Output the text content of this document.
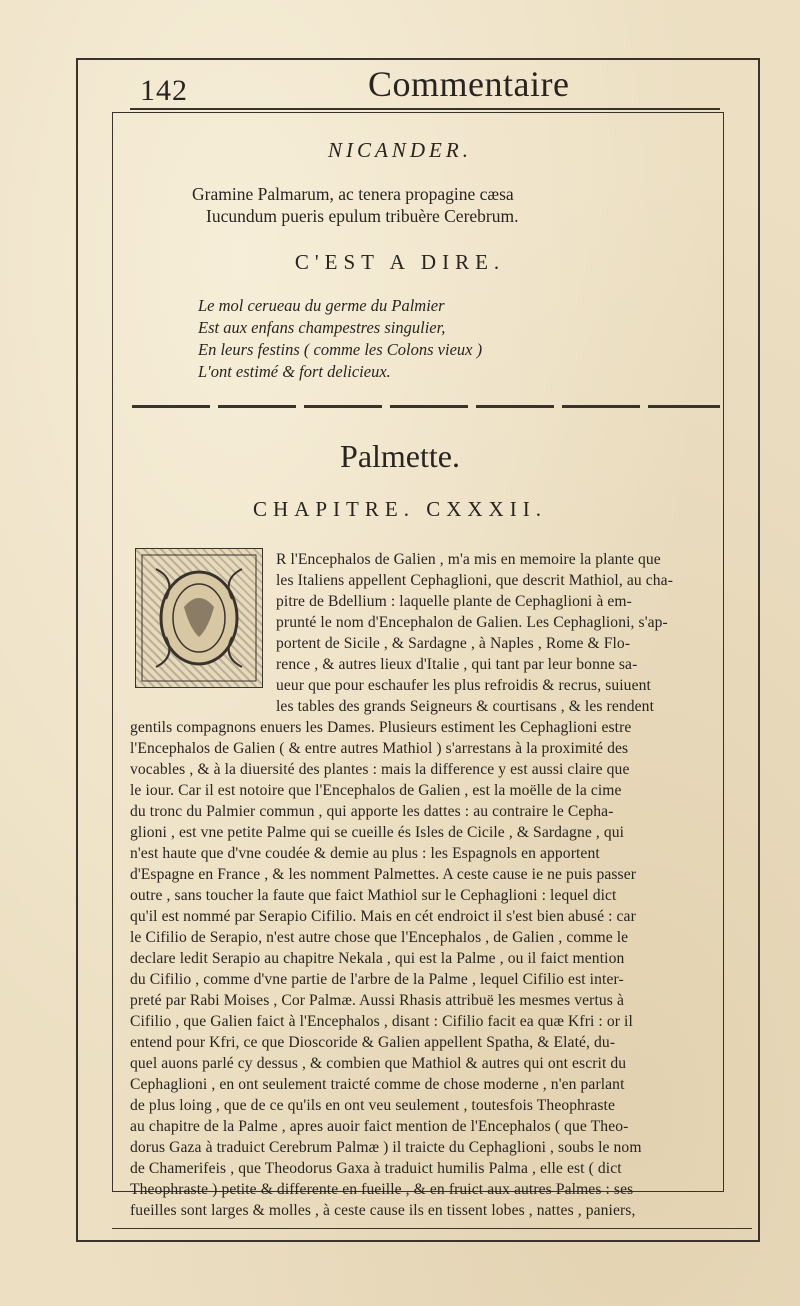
142	Commentaire
NICANDER.
Gramine Palmarum, ac tenera propagine cæsa
Iucundum pueris epulum tribuère Cerebrum.
C'EST A DIRE.
Le mol cerueau du germe du Palmier
Est aux enfans champestres singulier,
En leurs festins ( comme les Colons vieux )
L'ont estimé & fort delicieux.
Palmette.
CHAPITRE. CXXXII.
R l'Encephalos de Galien , m'a mis en memoire la plante que
les Italiens appellent Cephaglioni, que descrit Mathiol, au cha-
pitre de Bdellium : laquelle plante de Cephaglioni à em-
prunté le nom d'Encephalon de Galien. Les Cephaglioni, s'ap-
portent de Sicile , & Sardagne , à Naples , Rome & Flo-
rence , & autres lieux d'Italie , qui tant par leur bonne sa-
ueur que pour eschaufer les plus refroidis & recrus, suiuent
les tables des grands Seigneurs & courtisans , & les rendent
gentils compagnons enuers les Dames. Plusieurs estiment les Cephaglioni estre
l'Encephalos de Galien ( & entre autres Mathiol ) s'arrestans à la proximité des
vocables , & à la diuersité des plantes : mais la difference y est aussi claire que
le iour. Car il est notoire que l'Encephalos de Galien , est la moëlle de la cime
du tronc du Palmier commun , qui apporte les dattes : au contraire le Cepha-
glioni , est vne petite Palme qui se cueille és Isles de Cicile , & Sardagne , qui
n'est haute que d'vne coudée & demie au plus : les Espagnols en apportent
d'Espagne en France , & les nomment Palmettes. A ceste cause ie ne puis passer
outre , sans toucher la faute que faict Mathiol sur le Cephaglioni : lequel dict
qu'il est nommé par Serapio Cifilio. Mais en cét endroict il s'est bien abusé : car
le Cifilio de Serapio, n'est autre chose que l'Encephalos , de Galien , comme le
declare ledit Serapio au chapitre Nekala , qui est la Palme , ou il faict mention
du Cifilio , comme d'vne partie de l'arbre de la Palme , lequel Cifilio est inter-
preté par Rabi Moises , Cor Palmæ. Aussi Rhasis attribuë les mesmes vertus à
Cifilio , que Galien faict à l'Encephalos , disant : Cifilio facit ea quæ Kfri : or il
entend pour Kfri, ce que Dioscoride & Galien appellent Spatha, & Elaté, du-
quel auons parlé cy dessus , & combien que Mathiol & autres qui ont escrit du
Cephaglioni , en ont seulement traicté comme de chose moderne , n'en parlant
de plus loing , que de ce qu'ils en ont veu seulement , toutesfois Theophraste
au chapitre de la Palme , apres auoir faict mention de l'Encephalos ( que Theo-
dorus Gaza à traduict Cerebrum Palmæ ) il traicte du Cephaglioni , soubs le nom
de Chamerifeis , que Theodorus Gaxa à traduict humilis Palma , elle est ( dict
Theophraste ) petite & differente en fueille , & en fruict aux autres Palmes : ses
fueilles sont larges & molles , à ceste cause ils en tissent lobes , nattes , paniers,
